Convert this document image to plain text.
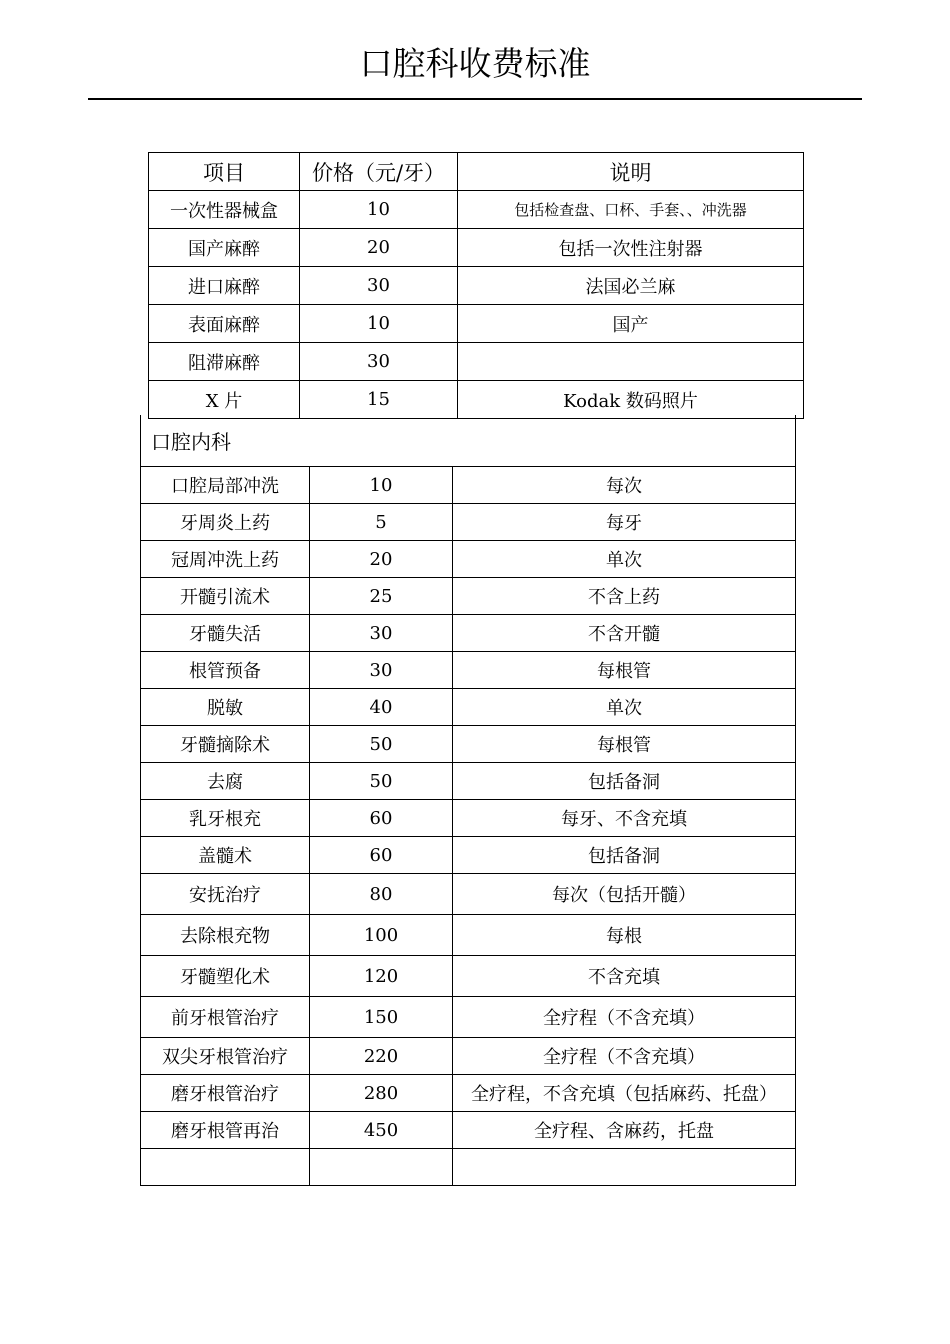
口腔科收费标准
项目	价格（元/牙）	说明
一次性器械盒	10	包括检查盘、口杯、手套、、冲洗器
国产麻醉	20	包括一次性注射器
进口麻醉	30	法国必兰麻
表面麻醉	10	国产
阻滞麻醉	30	
X 片	15	Kodak 数码照片
口腔内科		
口腔局部冲洗	10	每次
牙周炎上药	5	每牙
冠周冲洗上药	20	单次
开髓引流术	25	不含上药
牙髓失活	30	不含开髓
根管预备	30	每根管
脱敏	40	单次
牙髓摘除术	50	每根管
去腐	50	包括备洞
乳牙根充	60	每牙、不含充填
盖髓术	60	包括备洞
安抚治疗	80	每次（包括开髓）
去除根充物	100	每根
牙髓塑化术	120	不含充填
前牙根管治疗	150	全疗程（不含充填）
双尖牙根管治疗	220	全疗程（不含充填）
磨牙根管治疗	280	全疗程，不含充填（包括麻药、托盘）
磨牙根管再治	450	全疗程、含麻药，托盘
